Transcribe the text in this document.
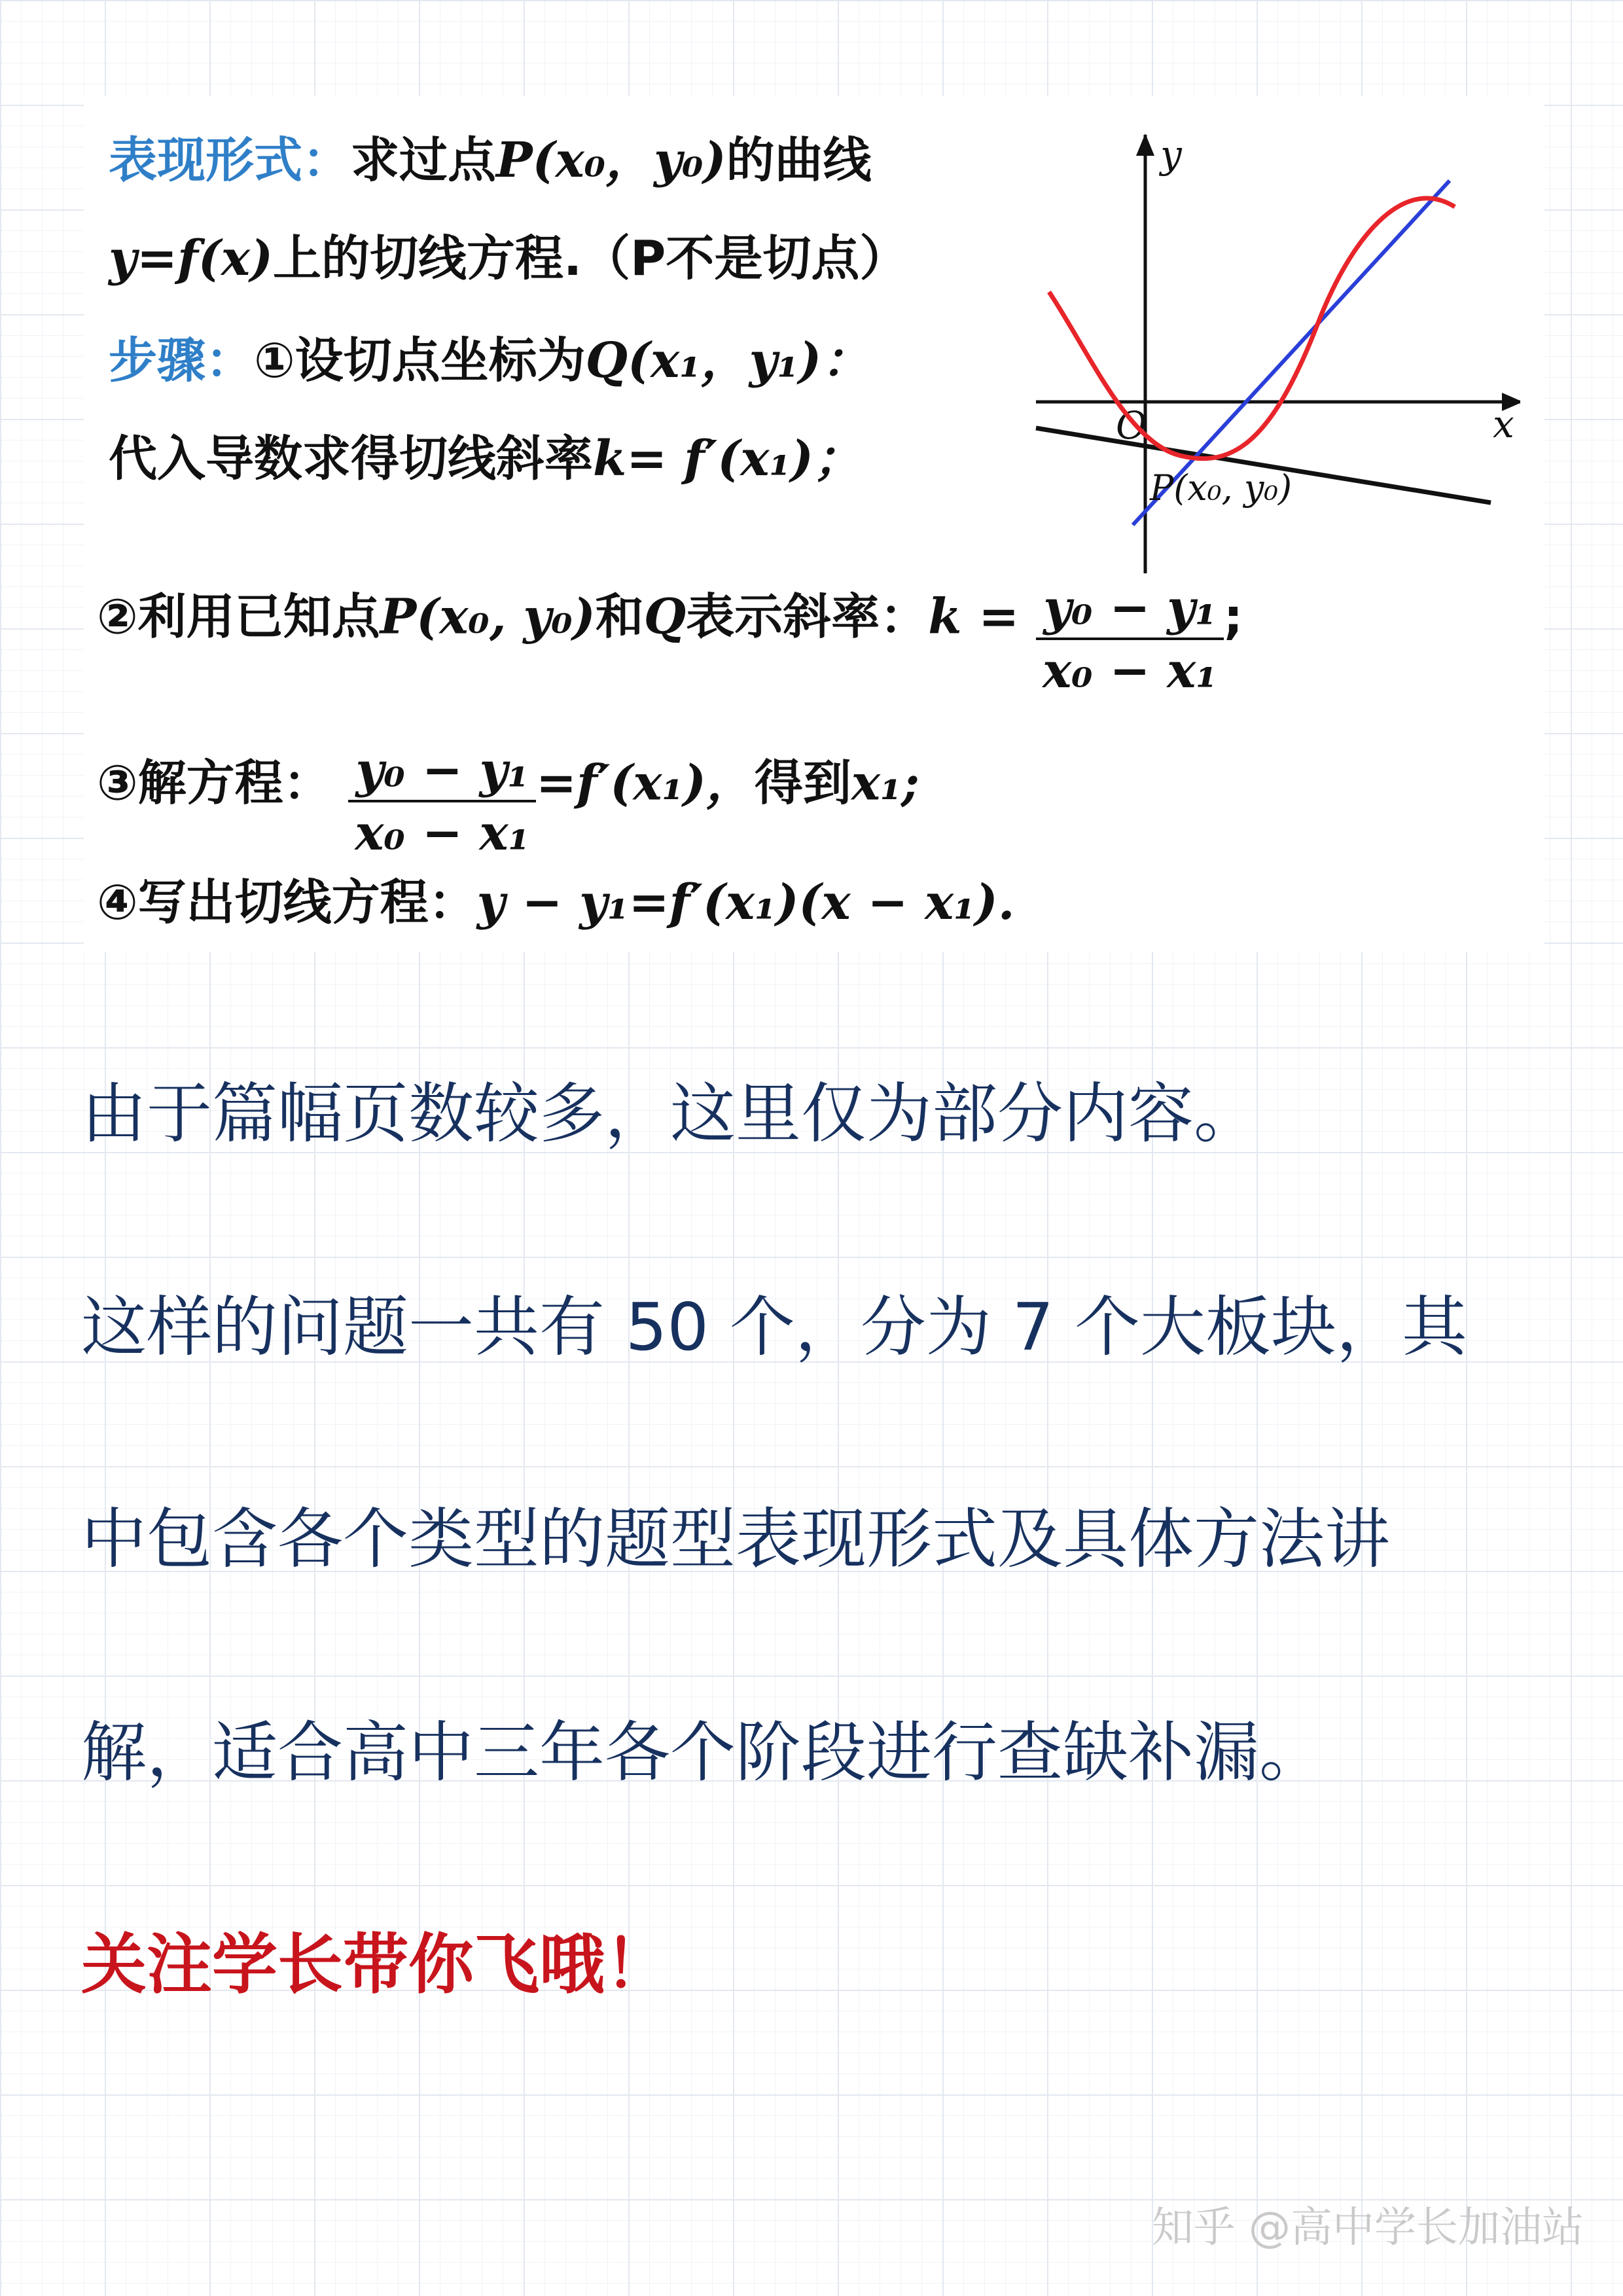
表现形式：求过点P(x₀，y₀)的曲线
y=f(x)上的切线方程.（P不是切点）
步骤：①设切点坐标为Q(x₁，y₁)：
代入导数求得切线斜率k= f′(x₁)；
②利用已知点P(x₀, y₀)和Q表示斜率：$k = \frac{\text{y₀ − y₁}}{\text{x₀ − x₁}}$ ;
③解方程： $\frac{\text{y₀ − y₁}}{\text{x₀ − x₁}} =f'(x_1)$，得到x₁;
④写出切线方程：y − y₁=f′(x₁)(x − x₁).
y
x
O
P(x₀, y₀)
由于篇幅页数较多，这里仅为部分内容。
这样的问题一共有 50 个，分为 7 个大板块，其
中包含各个类型的题型表现形式及具体方法讲
解，适合高中三年各个阶段进行查缺补漏。
关注学长带你飞哦！
知乎 @高中学长加油站
